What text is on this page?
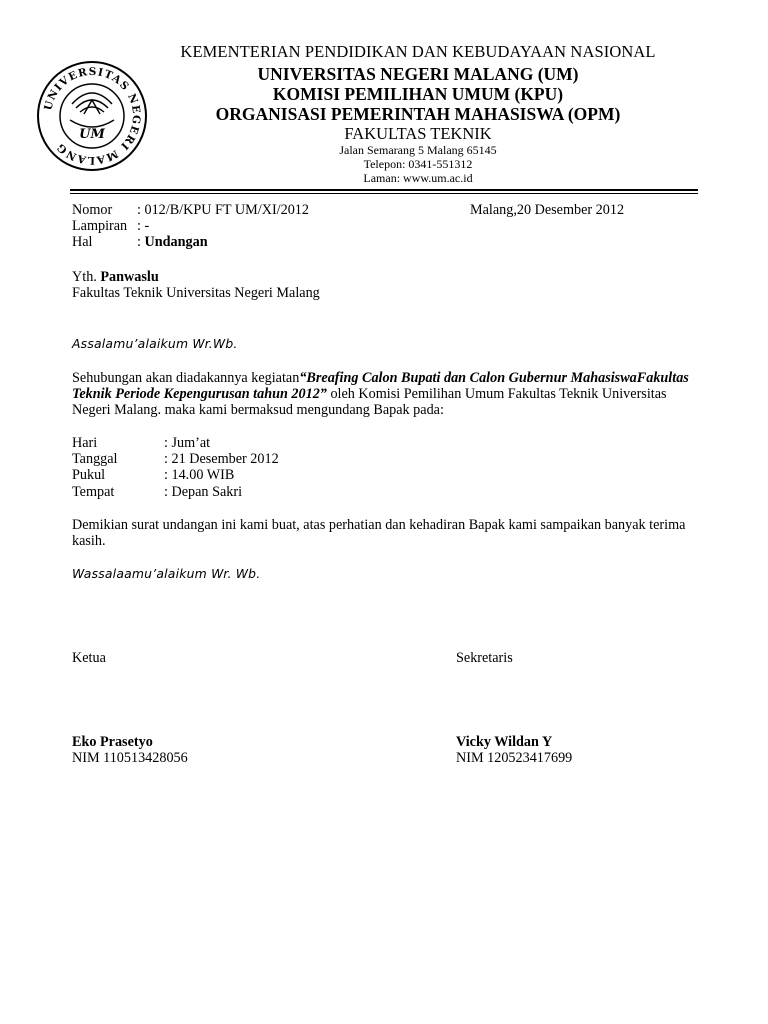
UNIVERSITAS NEGERI MALANG
UM
KEMENTERIAN PENDIDIKAN DAN KEBUDAYAAN NASIONAL
UNIVERSITAS NEGERI MALANG (UM)
KOMISI PEMILIHAN UMUM (KPU)
ORGANISASI PEMERINTAH MAHASISWA (OPM)
FAKULTAS TEKNIK
Jalan Semarang 5 Malang 65145
Telepon: 0341-551312
Laman: www.um.ac.id
Nomor : 012/B/KPU FT UM/XI/2012	Malang,20 Desember 2012
Lampiran : -
Hal	: Undangan
Yth. Panwaslu
Fakultas Teknik Universitas Negeri Malang
Assalamu’alaikum Wr.Wb.
Sehubungan akan diadakannya kegiatan“Breafing Calon Bupati dan Calon Gubernur MahasiswaFakultas Teknik Periode Kepengurusan tahun 2012” oleh Komisi Pemilihan Umum Fakultas Teknik Universitas Negeri Malang. maka kami bermaksud mengundang Bapak pada:
Hari	: Jum’at
Tanggal	: 21 Desember 2012
Pukul	: 14.00 WIB
Tempat	: Depan Sakri
Demikian surat undangan ini kami buat, atas perhatian dan kehadiran Bapak kami sampaikan banyak terima kasih.
Wassalaamu’alaikum Wr. Wb.
Ketua	Sekretaris
Eko Prasetyo	Vicky Wildan Y
NIM 110513428056	NIM 120523417699
